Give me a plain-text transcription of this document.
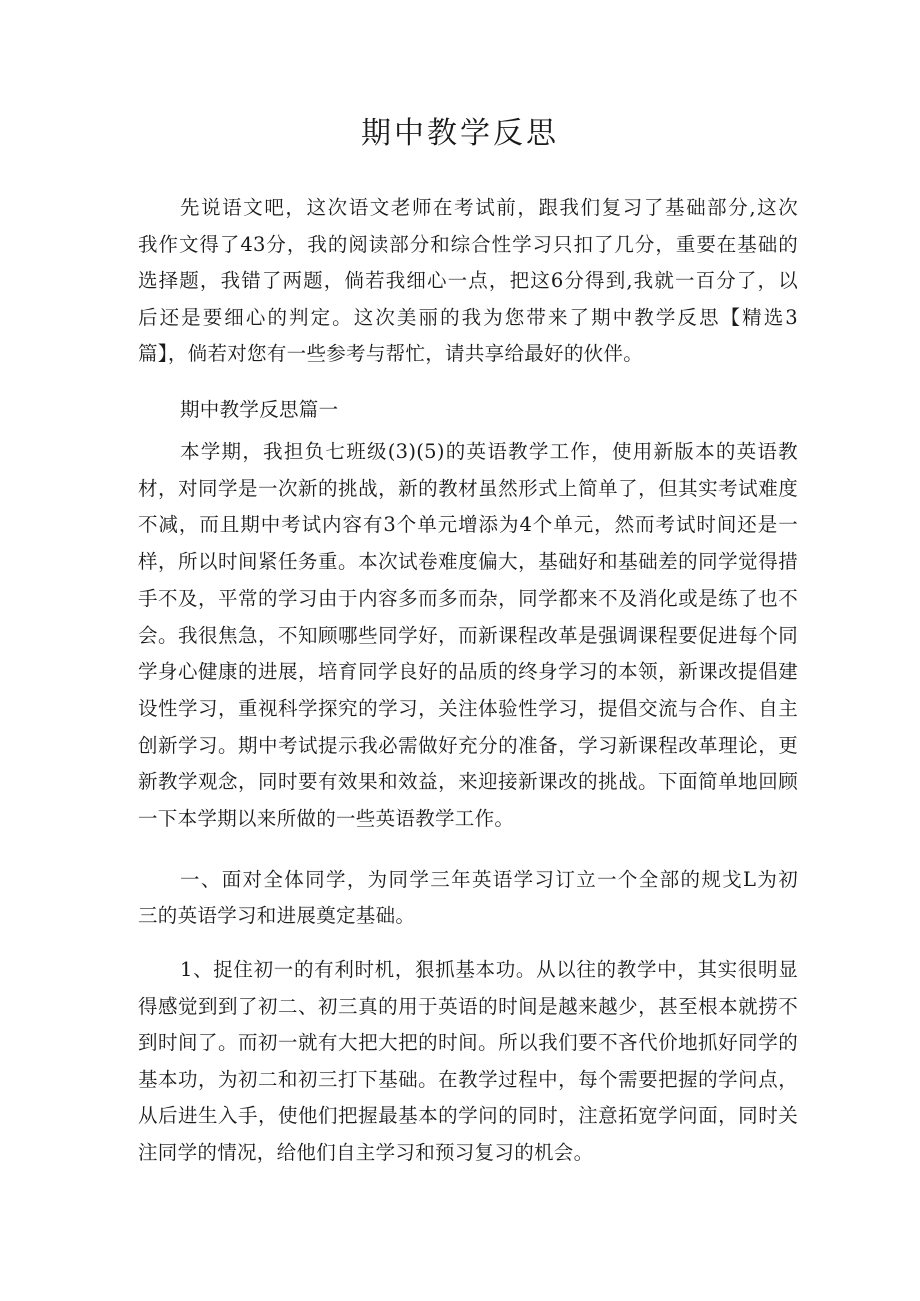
期中教学反思
先说语文吧，这次语文老师在考试前，跟我们复习了基础部分,这次
我作文得了43分，我的阅读部分和综合性学习只扣了几分，重要在基础的
选择题，我错了两题，倘若我细心一点，把这6分得到,我就一百分了，以
后还是要细心的判定。这次美丽的我为您带来了期中教学反思【精选3
篇】，倘若对您有一些参考与帮忙，请共享给最好的伙伴。
期中教学反思篇一
本学期，我担负七班级(3)(5)的英语教学工作，使用新版本的英语教
材，对同学是一次新的挑战，新的教材虽然形式上简单了，但其实考试难度
不减，而且期中考试内容有3个单元增添为4个单元，然而考试时间还是一
样，所以时间紧任务重。本次试卷难度偏大，基础好和基础差的同学觉得措
手不及，平常的学习由于内容多而多而杂，同学都来不及消化或是练了也不
会。我很焦急，不知顾哪些同学好，而新课程改革是强调课程要促进每个同
学身心健康的进展，培育同学良好的品质的终身学习的本领，新课改提倡建
设性学习，重视科学探究的学习，关注体验性学习，提倡交流与合作、自主
创新学习。期中考试提示我必需做好充分的准备，学习新课程改革理论，更
新教学观念，同时要有效果和效益，来迎接新课改的挑战。下面简单地回顾
一下本学期以来所做的一些英语教学工作。
一、面对全体同学，为同学三年英语学习订立一个全部的规戈L为初
三的英语学习和进展奠定基础。
1、捉住初一的有利时机，狠抓基本功。从以往的教学中，其实很明显
得感觉到到了初二、初三真的用于英语的时间是越来越少，甚至根本就捞不
到时间了。而初一就有大把大把的时间。所以我们要不吝代价地抓好同学的
基本功，为初二和初三打下基础。在教学过程中，每个需要把握的学问点，
从后进生入手，使他们把握最基本的学问的同时，注意拓宽学问面，同时关
注同学的情况，给他们自主学习和预习复习的机会。
